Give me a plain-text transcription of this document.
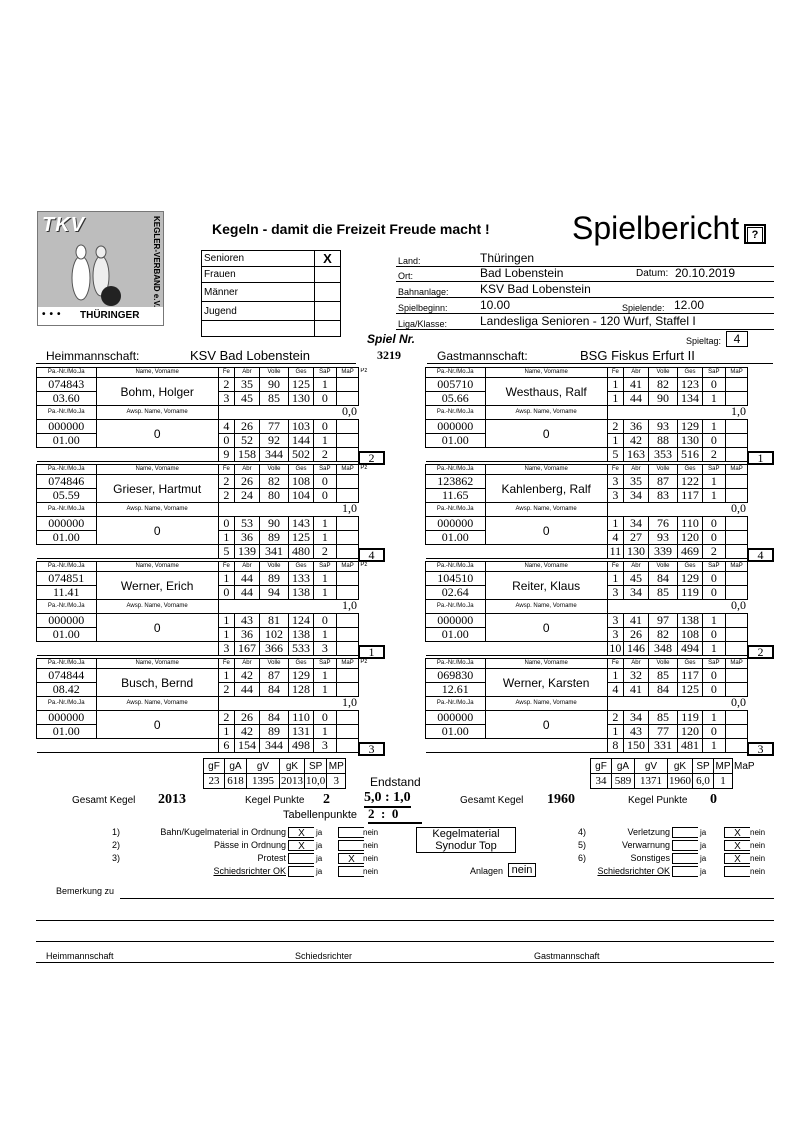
TKV	KEGLER-VERBAND e.V.
••• THÜRINGER
Kegeln - damit die Freizeit Freude macht !	Spielbericht	?
Senioren	X
Frauen	
Männer	
Jugend	

Land:	Thüringen
Ort:	Bad Lobenstein	Datum: 20.10.2019
Bahnanlage:	KSV Bad Lobenstein
Spielbeginn:	10.00	Spielende: 12.00
Liga/Klasse:	Landesliga Senioren - 120 Wurf, Staffel I
Spieltag:	4
Spiel Nr.
3219
Heimmannschaft:	KSV Bad Lobenstein	Gastmannschaft:	BSG Fiskus Erfurt II
Pa.-Nr./Mo.Ja	Name, Vorname	Fe	Abr	Volle	Ges	SaP	MaP	Pz
074843	Bohm, Holger	2	35	90	125	1		
03.60		3	45	85	130	0		
Pa.-Nr./Mo.Ja	Awsp. Name, Vorname							
000000	0	4	26	77	103	0		
01.00		0	52	92	144	1		
		9	158	344	502	2		
0,0
2
Pa.-Nr./Mo.Ja	Name, Vorname	Fe	Abr	Volle	Ges	SaP	MaP	
005710	Westhaus, Ralf	1	41	82	123	0		
05.66		1	44	90	134	1		
Pa.-Nr./Mo.Ja	Awsp. Name, Vorname							
000000	0	2	36	93	129	1		
01.00		1	42	88	130	0		
		5	163	353	516	2		
1,0
1
Pa.-Nr./Mo.Ja	Name, Vorname	Fe	Abr	Volle	Ges	SaP	MaP	Pz
074846	Grieser, Hartmut	2	26	82	108	0		
05.59		2	24	80	104	0		
Pa.-Nr./Mo.Ja	Awsp. Name, Vorname							
000000	0	0	53	90	143	1		
01.00		1	36	89	125	1		
		5	139	341	480	2		
1,0
4
Pa.-Nr./Mo.Ja	Name, Vorname	Fe	Abr	Volle	Ges	SaP	MaP	
123862	Kahlenberg, Ralf	3	35	87	122	1		
11.65		3	34	83	117	1		
Pa.-Nr./Mo.Ja	Awsp. Name, Vorname							
000000	0	1	34	76	110	0		
01.00		4	27	93	120	0		
		11	130	339	469	2		
0,0
4
Pa.-Nr./Mo.Ja	Name, Vorname	Fe	Abr	Volle	Ges	SaP	MaP	Pz
074851	Werner, Erich	1	44	89	133	1		
11.41		0	44	94	138	1		
Pa.-Nr./Mo.Ja	Awsp. Name, Vorname							
000000	0	1	43	81	124	0		
01.00		1	36	102	138	1		
		3	167	366	533	3		
1,0
1
Pa.-Nr./Mo.Ja	Name, Vorname	Fe	Abr	Volle	Ges	SaP	MaP	
104510	Reiter, Klaus	1	45	84	129	0		
02.64		3	34	85	119	0		
Pa.-Nr./Mo.Ja	Awsp. Name, Vorname							
000000	0	3	41	97	138	1		
01.00		3	26	82	108	0		
		10	146	348	494	1		
0,0
2
Pa.-Nr./Mo.Ja	Name, Vorname	Fe	Abr	Volle	Ges	SaP	MaP	Pz
074844	Busch, Bernd	1	42	87	129	1		
08.42		2	44	84	128	1		
Pa.-Nr./Mo.Ja	Awsp. Name, Vorname							
000000	0	2	26	84	110	0		
01.00		1	42	89	131	1		
		6	154	344	498	3		
1,0
3
Pa.-Nr./Mo.Ja	Name, Vorname	Fe	Abr	Volle	Ges	SaP	MaP	
069830	Werner, Karsten	1	32	85	117	0		
12.61		4	41	84	125	0		
Pa.-Nr./Mo.Ja	Awsp. Name, Vorname							
000000	0	2	34	85	119	1		
01.00		1	43	77	120	0		
		8	150	331	481	1		
0,0
3
gF	gA	gV	gK	SP	MP
23	618	1395	2013	10,0	3
gF	gA	gV	gK	SP	MP	MaP
34	589	1371	1960	6,0	1	
Endstand
5,0 : 1,0
Tabellenpunkte 2 : 0
Gesamt Kegel 2013	Kegel Punkte 2	Gesamt Kegel 1960	Kegel Punkte 0
1)	Bahn/Kugelmaterial in Ordnung	X	ja	nein
2)	Pässe in Ordnung	X	ja	nein
3)	Protest	ja	X	nein
Schiedsrichter OK	ja	nein
4)	Verletzung	ja	X	nein
5)	Verwarnung	ja	X	nein
6)	Sonstiges	ja	X	nein
Schiedsrichter OK	ja	nein
Kegelmaterial
Synodur Top
Anlagen nein
Bemerkung zu
Heimmannschaft	Schiedsrichter	Gastmannschaft
